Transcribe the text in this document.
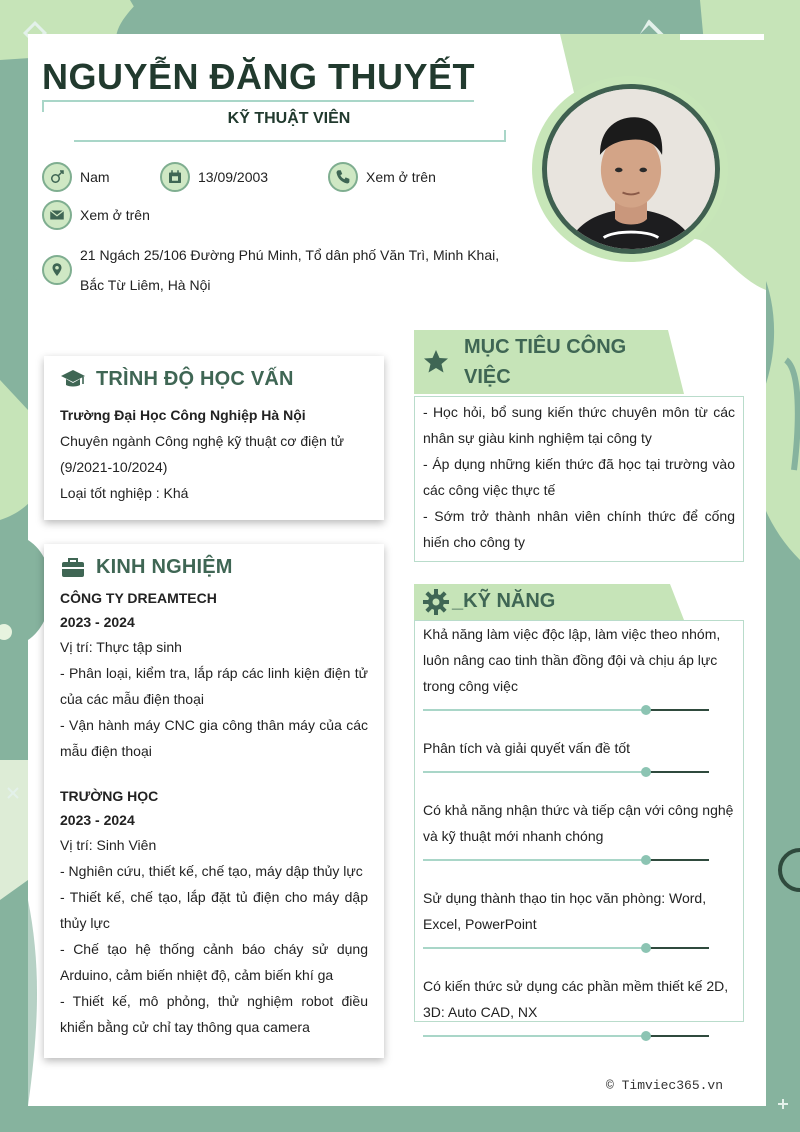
NGUYỄN ĐĂNG THUYẾT
KỸ THUẬT VIÊN
Nam	13/09/2003	Xem ở trên
Xem ở trên
21 Ngách 25/106 Đường Phú Minh, Tổ dân phố Văn Trì, Minh Khai, Bắc Từ Liêm, Hà Nội
TRÌNH ĐỘ HỌC VẤN

Trường Đại Học Công Nghiệp Hà Nội

Chuyên ngành Công nghệ kỹ thuật cơ điện tử

(9/2021-10/2024)

Loại tốt nghiệp : Khá

KINH NGHIỆM

CÔNG TY DREAMTECH

2023 - 2024

Vị trí: Thực tập sinh

- Phân loại, kiểm tra, lắp ráp các linh kiện điện tử của các mẫu điện thoại

- Vận hành máy CNC gia công thân máy của các mẫu điện thoại

TRƯỜNG HỌC

2023 - 2024

Vị trí: Sinh Viên

- Nghiên cứu, thiết kế, chế tạo, máy dập thủy lực

- Thiết kế, chế tạo, lắp đặt tủ điện cho máy dập thủy lực

- Chế tạo hệ thống cảnh báo cháy sử dụng Arduino, cảm biến nhiệt độ, cảm biến khí ga

- Thiết kế, mô phỏng, thử nghiệm robot điều khiển bằng cử chỉ tay thông qua camera

MỤC TIÊU CÔNG VIỆC

- Học hỏi, bổ sung kiến thức chuyên môn từ các nhân sự giàu kinh nghiệm tại công ty

- Áp dụng những kiến thức đã học tại trường vào các công việc thực tế

- Sớm trở thành nhân viên chính thức để cống hiến cho công ty

_KỸ NĂNG

Khả năng làm việc độc lập, làm việc theo nhóm, luôn nâng cao tinh thần đồng đội và chịu áp lực trong công việc

Phân tích và giải quyết vấn đề tốt

Có khả năng nhận thức và tiếp cận với công nghệ và kỹ thuật mới nhanh chóng

Sử dụng thành thạo tin học văn phòng: Word, Excel, PowerPoint

Có kiến thức sử dụng các phần mềm thiết kế 2D, 3D: Auto CAD, NX

© Timviec365.vn
